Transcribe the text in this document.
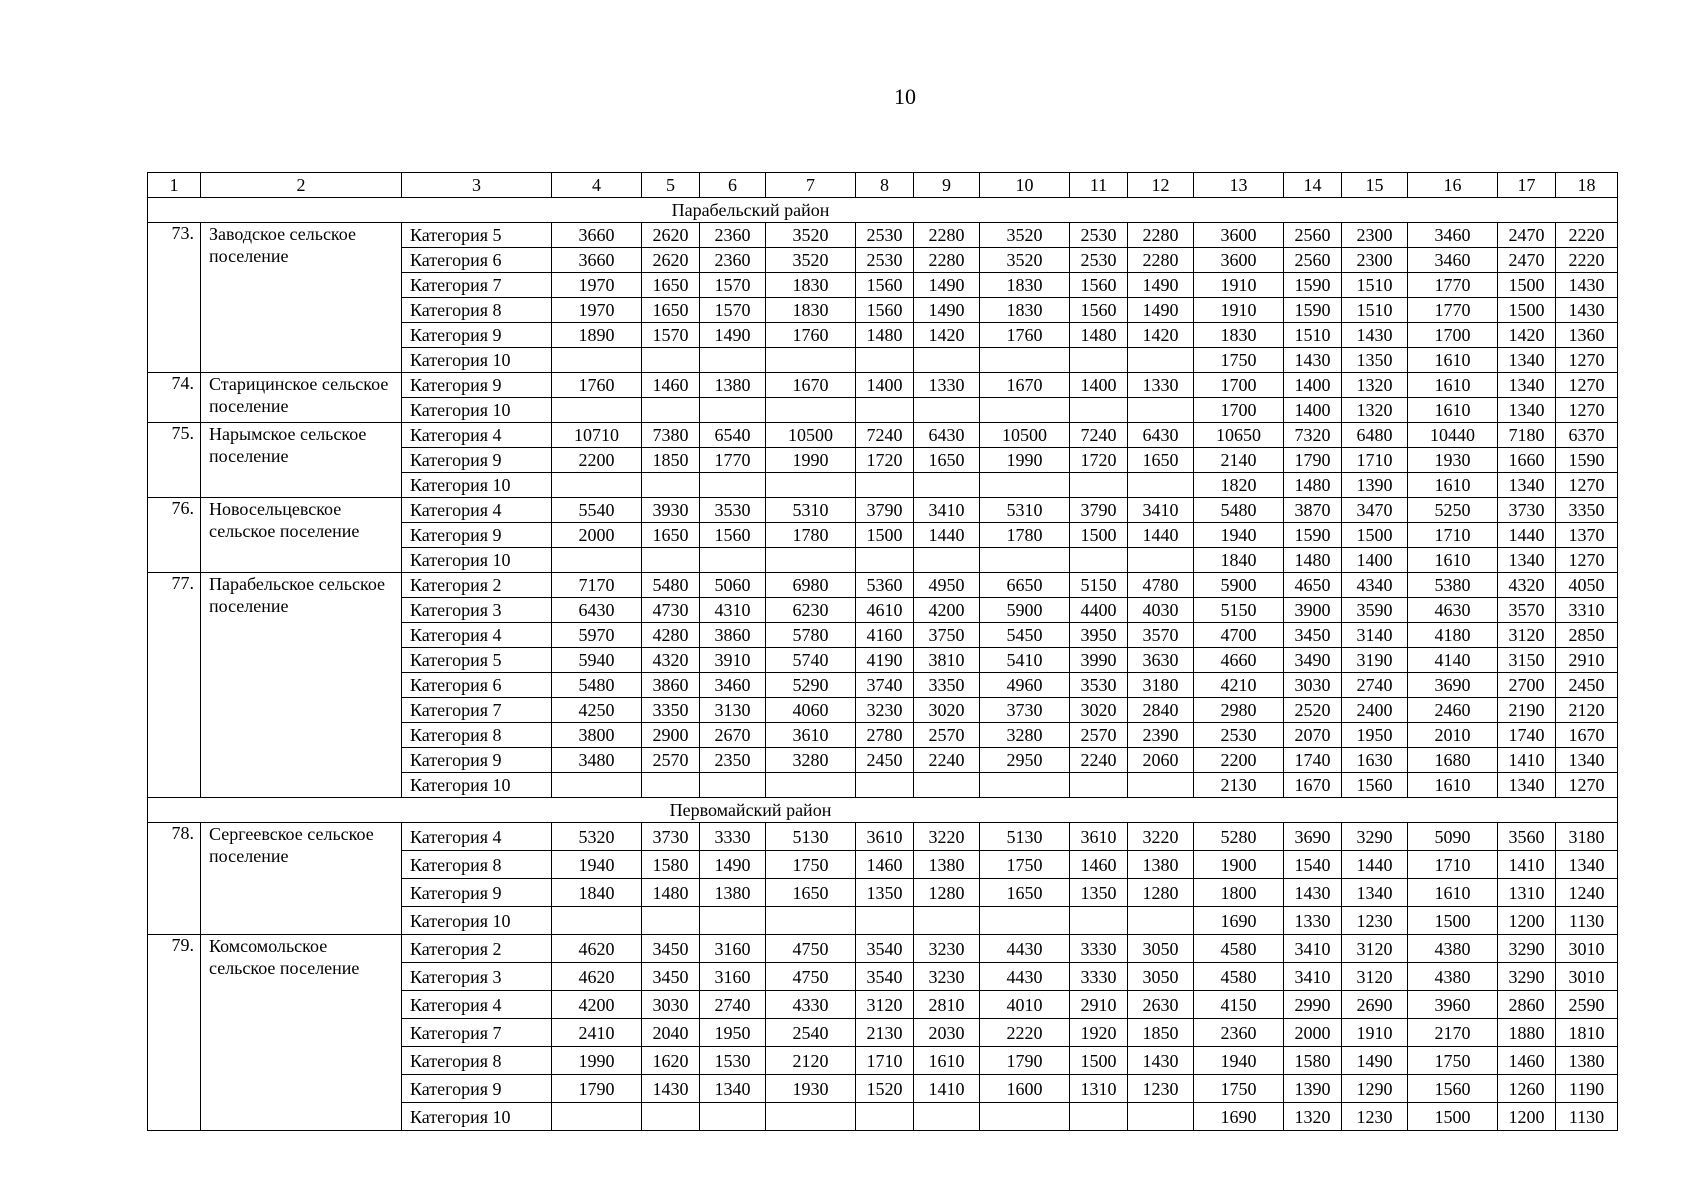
10
1	2	3	4	5	6	7	8	9	10	11	12	13	14	15	16	17	18
Парабельский район																	
73.	Заводское сельское поселение	Категория 5	3660	2620	2360	3520	2530	2280	3520	2530	2280	3600	2560	2300	3460	2470	2220
		Категория 6	3660	2620	2360	3520	2530	2280	3520	2530	2280	3600	2560	2300	3460	2470	2220
		Категория 7	1970	1650	1570	1830	1560	1490	1830	1560	1490	1910	1590	1510	1770	1500	1430
		Категория 8	1970	1650	1570	1830	1560	1490	1830	1560	1490	1910	1590	1510	1770	1500	1430
		Категория 9	1890	1570	1490	1760	1480	1420	1760	1480	1420	1830	1510	1430	1700	1420	1360
		Категория 10										1750	1430	1350	1610	1340	1270
74.	Старицинское сельское поселение	Категория 9	1760	1460	1380	1670	1400	1330	1670	1400	1330	1700	1400	1320	1610	1340	1270
		Категория 10										1700	1400	1320	1610	1340	1270
75.	Нарымское сельское поселение	Категория 4	10710	7380	6540	10500	7240	6430	10500	7240	6430	10650	7320	6480	10440	7180	6370
		Категория 9	2200	1850	1770	1990	1720	1650	1990	1720	1650	2140	1790	1710	1930	1660	1590
		Категория 10										1820	1480	1390	1610	1340	1270
76.	Новосельцевское сельское поселение	Категория 4	5540	3930	3530	5310	3790	3410	5310	3790	3410	5480	3870	3470	5250	3730	3350
		Категория 9	2000	1650	1560	1780	1500	1440	1780	1500	1440	1940	1590	1500	1710	1440	1370
		Категория 10										1840	1480	1400	1610	1340	1270
77.	Парабельское сельское поселение	Категория 2	7170	5480	5060	6980	5360	4950	6650	5150	4780	5900	4650	4340	5380	4320	4050
		Категория 3	6430	4730	4310	6230	4610	4200	5900	4400	4030	5150	3900	3590	4630	3570	3310
		Категория 4	5970	4280	3860	5780	4160	3750	5450	3950	3570	4700	3450	3140	4180	3120	2850
		Категория 5	5940	4320	3910	5740	4190	3810	5410	3990	3630	4660	3490	3190	4140	3150	2910
		Категория 6	5480	3860	3460	5290	3740	3350	4960	3530	3180	4210	3030	2740	3690	2700	2450
		Категория 7	4250	3350	3130	4060	3230	3020	3730	3020	2840	2980	2520	2400	2460	2190	2120
		Категория 8	3800	2900	2670	3610	2780	2570	3280	2570	2390	2530	2070	1950	2010	1740	1670
		Категория 9	3480	2570	2350	3280	2450	2240	2950	2240	2060	2200	1740	1630	1680	1410	1340
		Категория 10										2130	1670	1560	1610	1340	1270
Первомайский район																	
78.	Сергеевское сельское поселение	Категория 4	5320	3730	3330	5130	3610	3220	5130	3610	3220	5280	3690	3290	5090	3560	3180
		Категория 8	1940	1580	1490	1750	1460	1380	1750	1460	1380	1900	1540	1440	1710	1410	1340
		Категория 9	1840	1480	1380	1650	1350	1280	1650	1350	1280	1800	1430	1340	1610	1310	1240
		Категория 10										1690	1330	1230	1500	1200	1130
79.	Комсомольское сельское поселение	Категория 2	4620	3450	3160	4750	3540	3230	4430	3330	3050	4580	3410	3120	4380	3290	3010
		Категория 3	4620	3450	3160	4750	3540	3230	4430	3330	3050	4580	3410	3120	4380	3290	3010
		Категория 4	4200	3030	2740	4330	3120	2810	4010	2910	2630	4150	2990	2690	3960	2860	2590
		Категория 7	2410	2040	1950	2540	2130	2030	2220	1920	1850	2360	2000	1910	2170	1880	1810
		Категория 8	1990	1620	1530	2120	1710	1610	1790	1500	1430	1940	1580	1490	1750	1460	1380
		Категория 9	1790	1430	1340	1930	1520	1410	1600	1310	1230	1750	1390	1290	1560	1260	1190
		Категория 10										1690	1320	1230	1500	1200	1130
